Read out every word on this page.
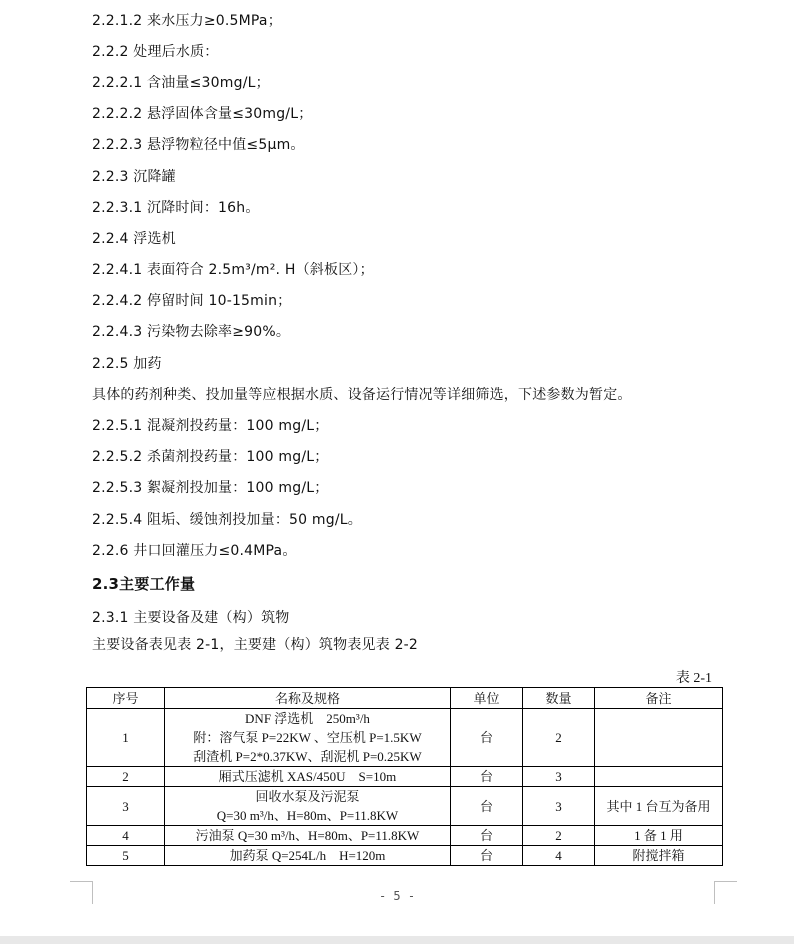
2.2.1.2 来水压力≥0.5MPa；
2.2.2 处理后水质：
2.2.2.1 含油量≤30mg/L；
2.2.2.2 悬浮固体含量≤30mg/L；
2.2.2.3 悬浮物粒径中值≤5μm。
2.2.3 沉降罐
2.2.3.1 沉降时间：16h。
2.2.4 浮选机
2.2.4.1 表面符合 2.5m³/m². H（斜板区）；
2.2.4.2 停留时间 10-15min；
2.2.4.3 污染物去除率≥90%。
2.2.5 加药
具体的药剂种类、投加量等应根据水质、设备运行情况等详细筛选，下述参数为暂定。
2.2.5.1 混凝剂投药量：100 mg/L；
2.2.5.2 杀菌剂投药量：100 mg/L；
2.2.5.3 絮凝剂投加量：100 mg/L；
2.2.5.4 阻垢、缓蚀剂投加量：50 mg/L。
2.2.6 井口回灌压力≤0.4MPa。
2.3主要工作量
2.3.1 主要设备及建（构）筑物
主要设备表见表 2-1，主要建（构）筑物表见表 2-2
表 2-1
序号	名称及规格	单位	数量	备注
1	DNF 浮选机　250m³/h
附：溶气泵 P=22KW 、空压机 P=1.5KW
刮渣机 P=2*0.37KW、刮泥机 P=0.25KW	台	2	
2	厢式压滤机 XAS/450U　S=10m	台	3	
3	回收水泵及污泥泵
Q=30 m³/h、H=80m、P=11.8KW	台	3	其中 1 台互为备用
4	污油泵 Q=30 m³/h、H=80m、P=11.8KW	台	2	1 备 1 用
5	加药泵 Q=254L/h　H=120m	台	4	附搅拌箱
- 5 -
